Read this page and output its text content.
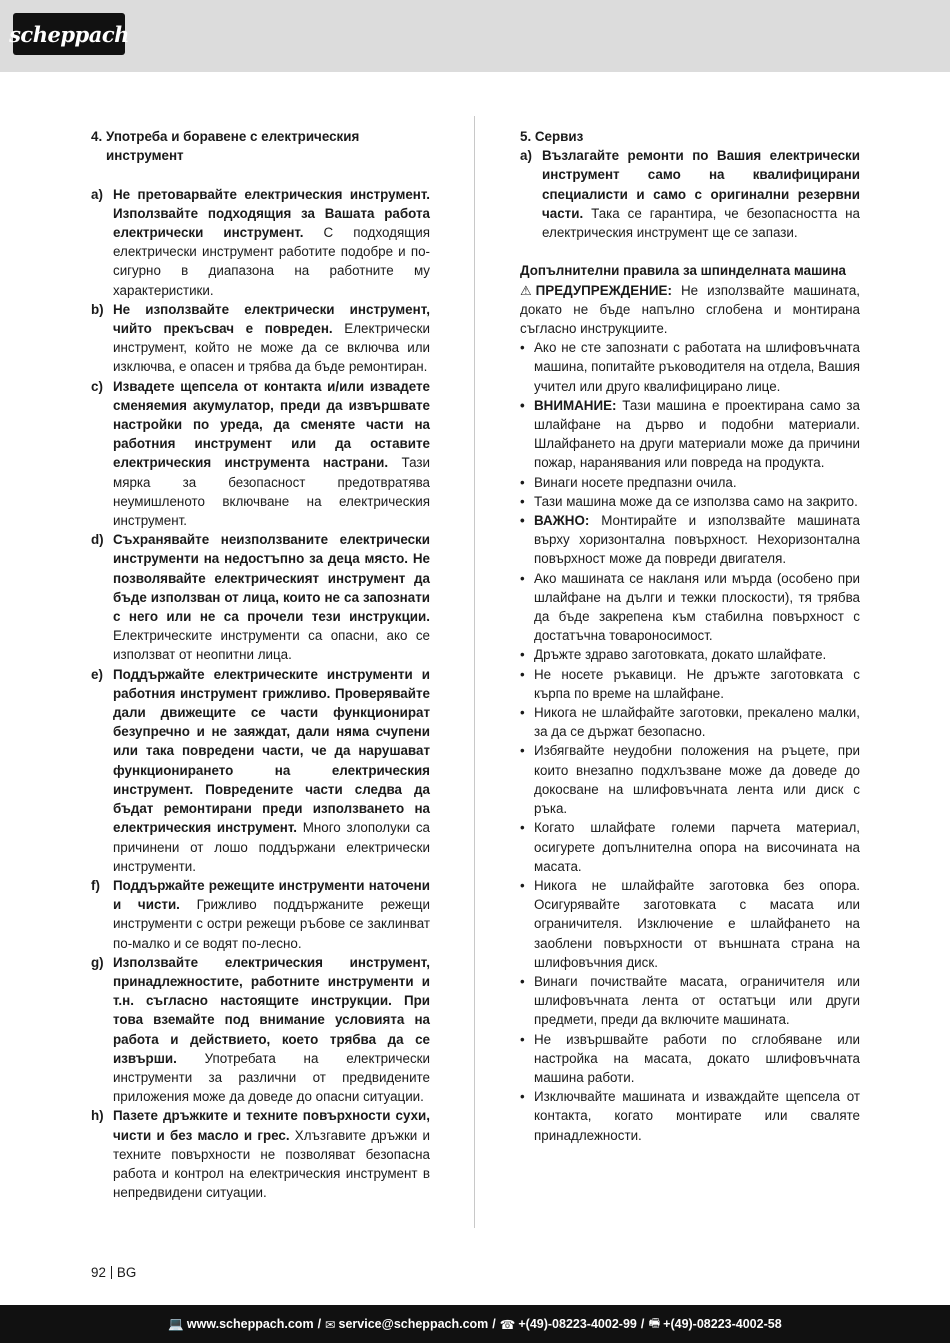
scheppach
4. Употреба и боравене с електрическия инструмент
a) Не претоварвайте електрическия инструмент. Използвайте подходящия за Вашата работа електрически инструмент. С подходящия електрически инструмент работите подобре и по-сигурно в диапазона на работните му характеристики.
b) Не използвайте електрически инструмент, чийто прекъсвач е повреден. Електрически инструмент, който не може да се включва или изключва, е опасен и трябва да бъде ремонтиран.
c) Извадете щепсела от контакта и/или извадете сменяемия акумулатор, преди да извършвате настройки по уреда, да сменяте части на работния инструмент или да оставите електрическия инструмента настрани. Тази мярка за безопасност предотвратява неумишленото включване на електрическия инструмент.
d) Съхранявайте неизползваните електрически инструменти на недостъпно за деца място. Не позволявайте електрическият инструмент да бъде използван от лица, които не са запознати с него или не са прочели тези инструкции. Електрическите инструменти са опасни, ако се използват от неопитни лица.
e) Поддържайте електрическите инструменти и работния инструмент грижливо. Проверявайте дали движещите се части функционират безупречно и не заяждат, дали няма счупени или така повредени части, че да нарушават функционирането на електрическия инструмент. Повредените части следва да бъдат ремонтирани преди използването на електрическия инструмент. Много злополуки са причинени от лошо поддържани електрически инструменти.
f) Поддържайте режещите инструменти наточени и чисти. Грижливо поддържаните режещи инструменти с остри режещи ръбове се заклинват по-малко и се водят по-лесно.
g) Използвайте електрическия инструмент, принадлежностите, работните инструменти и т.н. съгласно настоящите инструкции. При това вземайте под внимание условията на работа и действието, което трябва да се извърши. Употребата на електрически инструменти за различни от предвидените приложения може да доведе до опасни ситуации.
h) Пазете дръжките и техните повърхности сухи, чисти и без масло и грес. Хлъзгавите дръжки и техните повърхности не позволяват безопасна работа и контрол на електрическия инструмент в непредвидени ситуации.
5. Сервиз
a) Възлагайте ремонти по Вашия електрически инструмент само на квалифицирани специалисти и само с оригинални резервни части. Така се гарантира, че безопасността на електрическия инструмент ще се запази.
Допълнителни правила за шпинделната машина
⚠ ПРЕДУПРЕЖДЕНИЕ: Не използвайте машината, докато не бъде напълно сглобена и монтирана съгласно инструкциите.
• Ако не сте запознати с работата на шлифовъчната машина, попитайте ръководителя на отдела, Вашия учител или друго квалифицирано лице.
• ВНИМАНИЕ: Тази машина е проектирана само за шлайфане на дърво и подобни материали. Шлайфането на други материали може да причини пожар, наранявания или повреда на продукта.
• Винаги носете предпазни очила.
• Тази машина може да се използва само на закрито.
• ВАЖНО: Монтирайте и използвайте машината върху хоризонтална повърхност. Нехоризонтална повърхност може да повреди двигателя.
• Ако машината се накланя или мърда (особено при шлайфане на дълги и тежки плоскости), тя трябва да бъде закрепена към стабилна повърхност с достатъчна товароносимост.
• Дръжте здраво заготовката, докато шлайфате.
• Не носете ръкавици. Не дръжте заготовката с кърпа по време на шлайфане.
• Никога не шлайфайте заготовки, прекалено малки, за да се държат безопасно.
• Избягвайте неудобни положения на ръцете, при които внезапно подхлъзване може да доведе до докосване на шлифовъчната лента или диск с ръка.
• Когато шлайфате големи парчета материал, осигурете допълнителна опора на височината на масата.
• Никога не шлайфайте заготовка без опора. Осигурявайте заготовката с масата или ограничителя. Изключение е шлайфането на заоблени повърхности от външната страна на шлифовъчния диск.
• Винаги почиствайте масата, ограничителя или шлифовъчната лента от остатъци или други предмети, преди да включите машината.
• Не извършвайте работи по сглобяване или настройка на масата, докато шлифовъчната машина работи.
• Изключвайте машината и изваждайте щепсела от контакта, когато монтирате или сваляте принадлежности.
92 BG
💻 www.scheppach.com / ✉ service@scheppach.com / ☎ +(49)-08223-4002-99 / 🖷 +(49)-08223-4002-58
